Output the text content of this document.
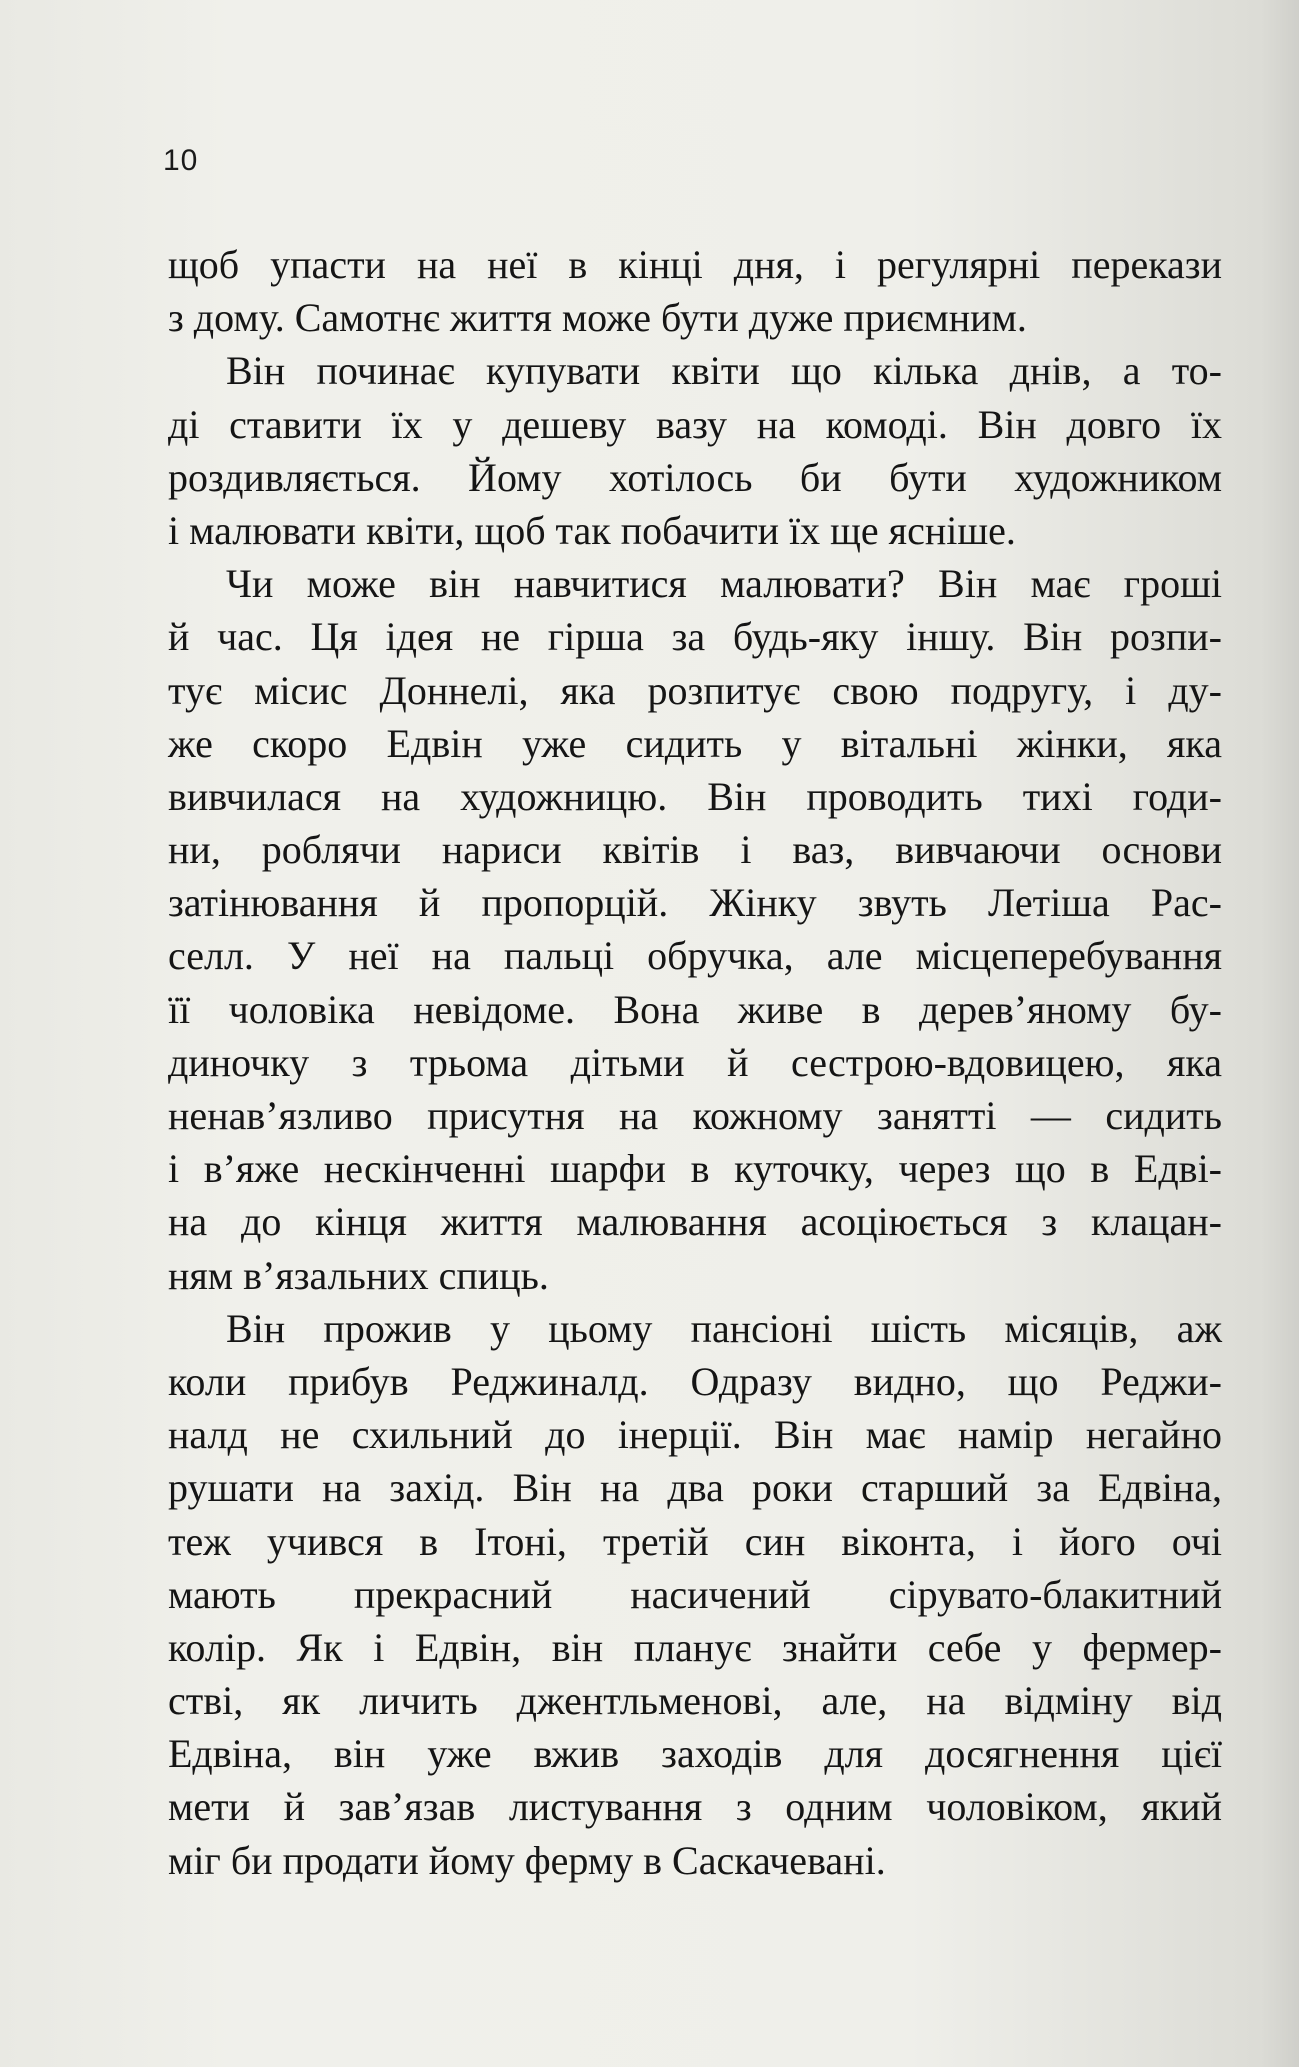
10
щоб упасти на неї в кінці дня, і регулярні перекази
з дому. Самотнє життя може бути дуже приємним.
Він починає купувати квіти що кілька днів, а то-
ді ставити їх у дешеву вазу на комоді. Він довго їх
роздивляється. Йому хотілось би бути художником
і малювати квіти, щоб так побачити їх ще ясніше.
Чи може він навчитися малювати? Він має гроші
й час. Ця ідея не гірша за будь-яку іншу. Він розпи-
тує місис Доннелі, яка розпитує свою подругу, і ду-
же скоро Едвін уже сидить у вітальні жінки, яка
вивчилася на художницю. Він проводить тихі годи-
ни, роблячи нариси квітів і ваз, вивчаючи основи
затінювання й пропорцій. Жінку звуть Летіша Рас-
селл. У неї на пальці обручка, але місцеперебування
її чоловіка невідоме. Вона живе в дерев’яному бу-
диночку з трьома дітьми й сестрою-вдовицею, яка
ненав’язливо присутня на кожному занятті — сидить
і в’яже нескінченні шарфи в куточку, через що в Едві-
на до кінця життя малювання асоціюється з клацан-
ням в’язальних спиць.
Він прожив у цьому пансіоні шість місяців, аж
коли прибув Реджиналд. Одразу видно, що Реджи-
налд не схильний до інерції. Він має намір негайно
рушати на захід. Він на два роки старший за Едвіна,
теж учився в Ітоні, третій син віконта, і його очі
мають прекрасний насичений сірувато-блакитний
колір. Як і Едвін, він планує знайти себе у фермер-
стві, як личить джентльменові, але, на відміну від
Едвіна, він уже вжив заходів для досягнення цієї
мети й зав’язав листування з одним чоловіком, який
міг би продати йому ферму в Саскачевані.
